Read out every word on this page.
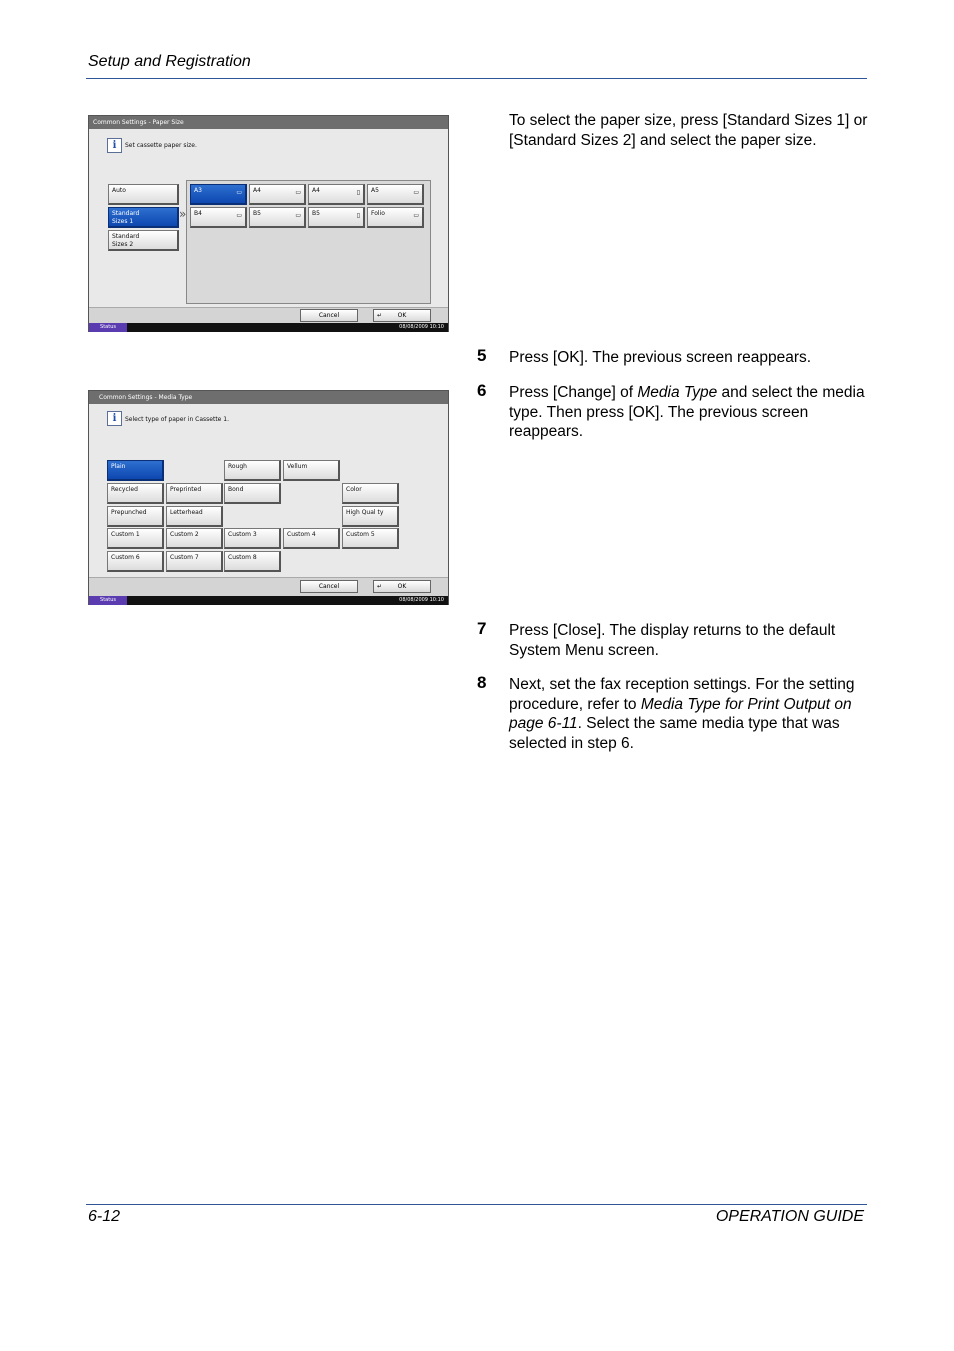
Setup and Registration
Common Settings - Paper Size
i	Set cassette paper size.
Auto
Standard
Sizes 1
Standard
Sizes 2
»
A3	▭	A4	▭	A4	▯	A5	▭
B4	▭	B5	▭	B5	▯	Folio	▭
Cancel	↵	OK
Status	08/08/2009 10:10
To select the paper size, press [Standard Sizes 1] or [Standard Sizes 2] and select the paper size.
5 Press [OK]. The previous screen reappears.
6 Press [Change] of Media Type and select the media type. Then press [OK]. The previous screen reappears.
Common Settings - Media Type
i	Select type of paper in Cassette 1.
Plain	Rough	Vellum
Recycled	Preprinted	Bond	Color
Prepunched	Letterhead	High Qual ty
Custom 1	Custom 2	Custom 3	Custom 4	Custom 5
Custom 6	Custom 7	Custom 8
Cancel	↵	OK
Status	08/08/2009 10:10
7 Press [Close]. The display returns to the default System Menu screen.
8 Next, set the fax reception settings. For the setting procedure, refer to Media Type for Print Output on page 6-11. Select the same media type that was selected in step 6.
6-12	OPERATION GUIDE
